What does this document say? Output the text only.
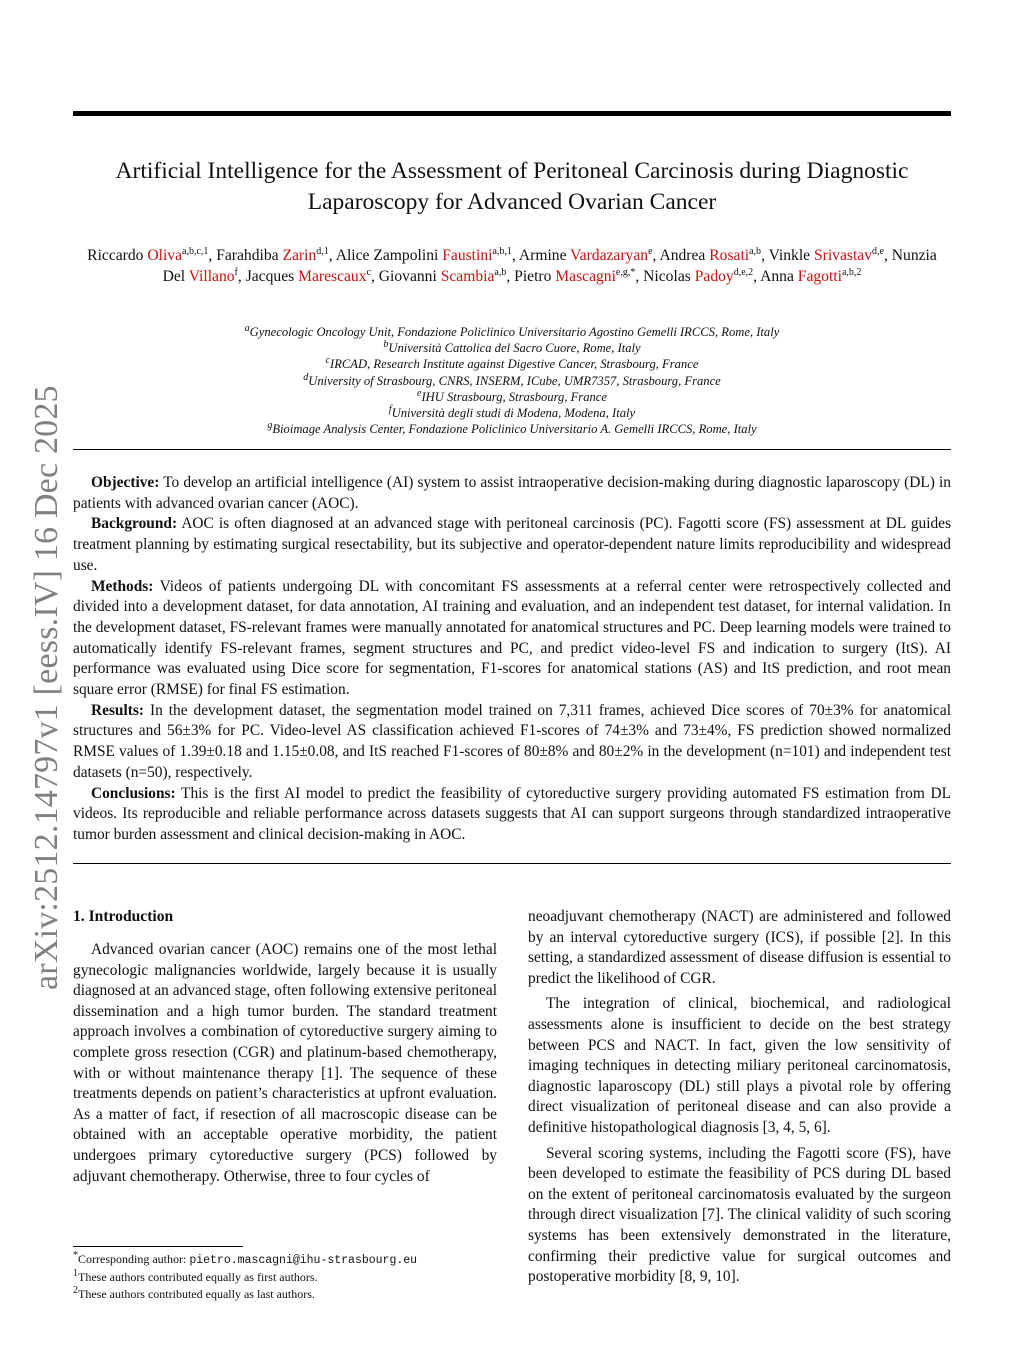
arXiv:2512.14797v1 [eess.IV] 16 Dec 2025
Artificial Intelligence for the Assessment of Peritoneal Carcinosis during Diagnostic
Laparoscopy for Advanced Ovarian Cancer
Riccardo Oliva$^{a,b,c,1}$, Farahdiba Zarin$^{d,1}$, Alice Zampolini Faustini$^{a,b,1}$, Armine Vardazaryan$^e$, Andrea Rosati$^{a,b}$, Vinkle Srivastav$^{d,e}$, Nunzia Del Villano$^f$, Jacques Marescaux$^c$, Giovanni Scambia$^{a,b}$, Pietro Mascagni$^{e,g,*}$, Nicolas Padoy$^{d,e,2}$, Anna Fagotti$^{a,b,2}$
$^a$Gynecologic Oncology Unit, Fondazione Policlinico Universitario Agostino Gemelli IRCCS, Rome, Italy
$^b$Università Cattolica del Sacro Cuore, Rome, Italy
$^c$IRCAD, Research Institute against Digestive Cancer, Strasbourg, France
$^d$University of Strasbourg, CNRS, INSERM, ICube, UMR7357, Strasbourg, France
$^e$IHU Strasbourg, Strasbourg, France
$^f$Università degli studi di Modena, Modena, Italy
$^g$Bioimage Analysis Center, Fondazione Policlinico Universitario A. Gemelli IRCCS, Rome, Italy

Objective: To develop an artificial intelligence (AI) system to assist intraoperative decision-making during diagnostic laparoscopy (DL) in patients with advanced ovarian cancer (AOC).

Background: AOC is often diagnosed at an advanced stage with peritoneal carcinosis (PC). Fagotti score (FS) assessment at DL guides treatment planning by estimating surgical resectability, but its subjective and operator-dependent nature limits reproducibility and widespread use.

Methods: Videos of patients undergoing DL with concomitant FS assessments at a referral center were retrospectively collected and divided into a development dataset, for data annotation, AI training and evaluation, and an independent test dataset, for internal validation. In the development dataset, FS-relevant frames were manually annotated for anatomical structures and PC. Deep learning models were trained to automatically identify FS-relevant frames, segment structures and PC, and predict video-level FS and indication to surgery (ItS). AI performance was evaluated using Dice score for segmentation, F1-scores for anatomical stations (AS) and ItS prediction, and root mean square error (RMSE) for final FS estimation.

Results: In the development dataset, the segmentation model trained on 7,311 frames, achieved Dice scores of 70±3% for anatomical structures and 56±3% for PC. Video-level AS classification achieved F1-scores of 74±3% and 73±4%, FS prediction showed normalized RMSE values of 1.39±0.18 and 1.15±0.08, and ItS reached F1-scores of 80±8% and 80±2% in the development (n=101) and independent test datasets (n=50), respectively.

Conclusions: This is the first AI model to predict the feasibility of cytoreductive surgery providing automated FS estimation from DL videos. Its reproducible and reliable performance across datasets suggests that AI can support surgeons through standardized intraoperative tumor burden assessment and clinical decision-making in AOC.

1. Introduction

Advanced ovarian cancer (AOC) remains one of the most lethal gynecologic malignancies worldwide, largely because it is usually diagnosed at an advanced stage, often following extensive peritoneal dissemination and a high tumor burden. The standard treatment approach involves a combination of cytoreductive surgery aiming to complete gross resection (CGR) and platinum-based chemotherapy, with or without maintenance therapy [1]. The sequence of these treatments depends on patient’s characteristics at upfront evaluation. As a matter of fact, if resection of all macroscopic disease can be obtained with an acceptable operative morbidity, the patient undergoes primary cytoreductive surgery (PCS) followed by adjuvant chemotherapy. Otherwise, three to four cycles of

neoadjuvant chemotherapy (NACT) are administered and followed by an interval cytoreductive surgery (ICS), if possible [2]. In this setting, a standardized assessment of disease diffusion is essential to predict the likelihood of CGR.

The integration of clinical, biochemical, and radiological assessments alone is insufficient to decide on the best strategy between PCS and NACT. In fact, given the low sensitivity of imaging techniques in detecting miliary peritoneal carcinomatosis, diagnostic laparoscopy (DL) still plays a pivotal role by offering direct visualization of peritoneal disease and can also provide a definitive histopathological diagnosis [3, 4, 5, 6].

Several scoring systems, including the Fagotti score (FS), have been developed to estimate the feasibility of PCS during DL based on the extent of peritoneal carcinomatosis evaluated by the surgeon through direct visualization [7]. The clinical validity of such scoring systems has been extensively demonstrated in the literature, confirming their predictive value for surgical outcomes and postoperative morbidity [8, 9, 10].

*Corresponding author: pietro.mascagni@ihu-strasbourg.eu
$^1$These authors contributed equally as first authors.
$^2$These authors contributed equally as last authors.
